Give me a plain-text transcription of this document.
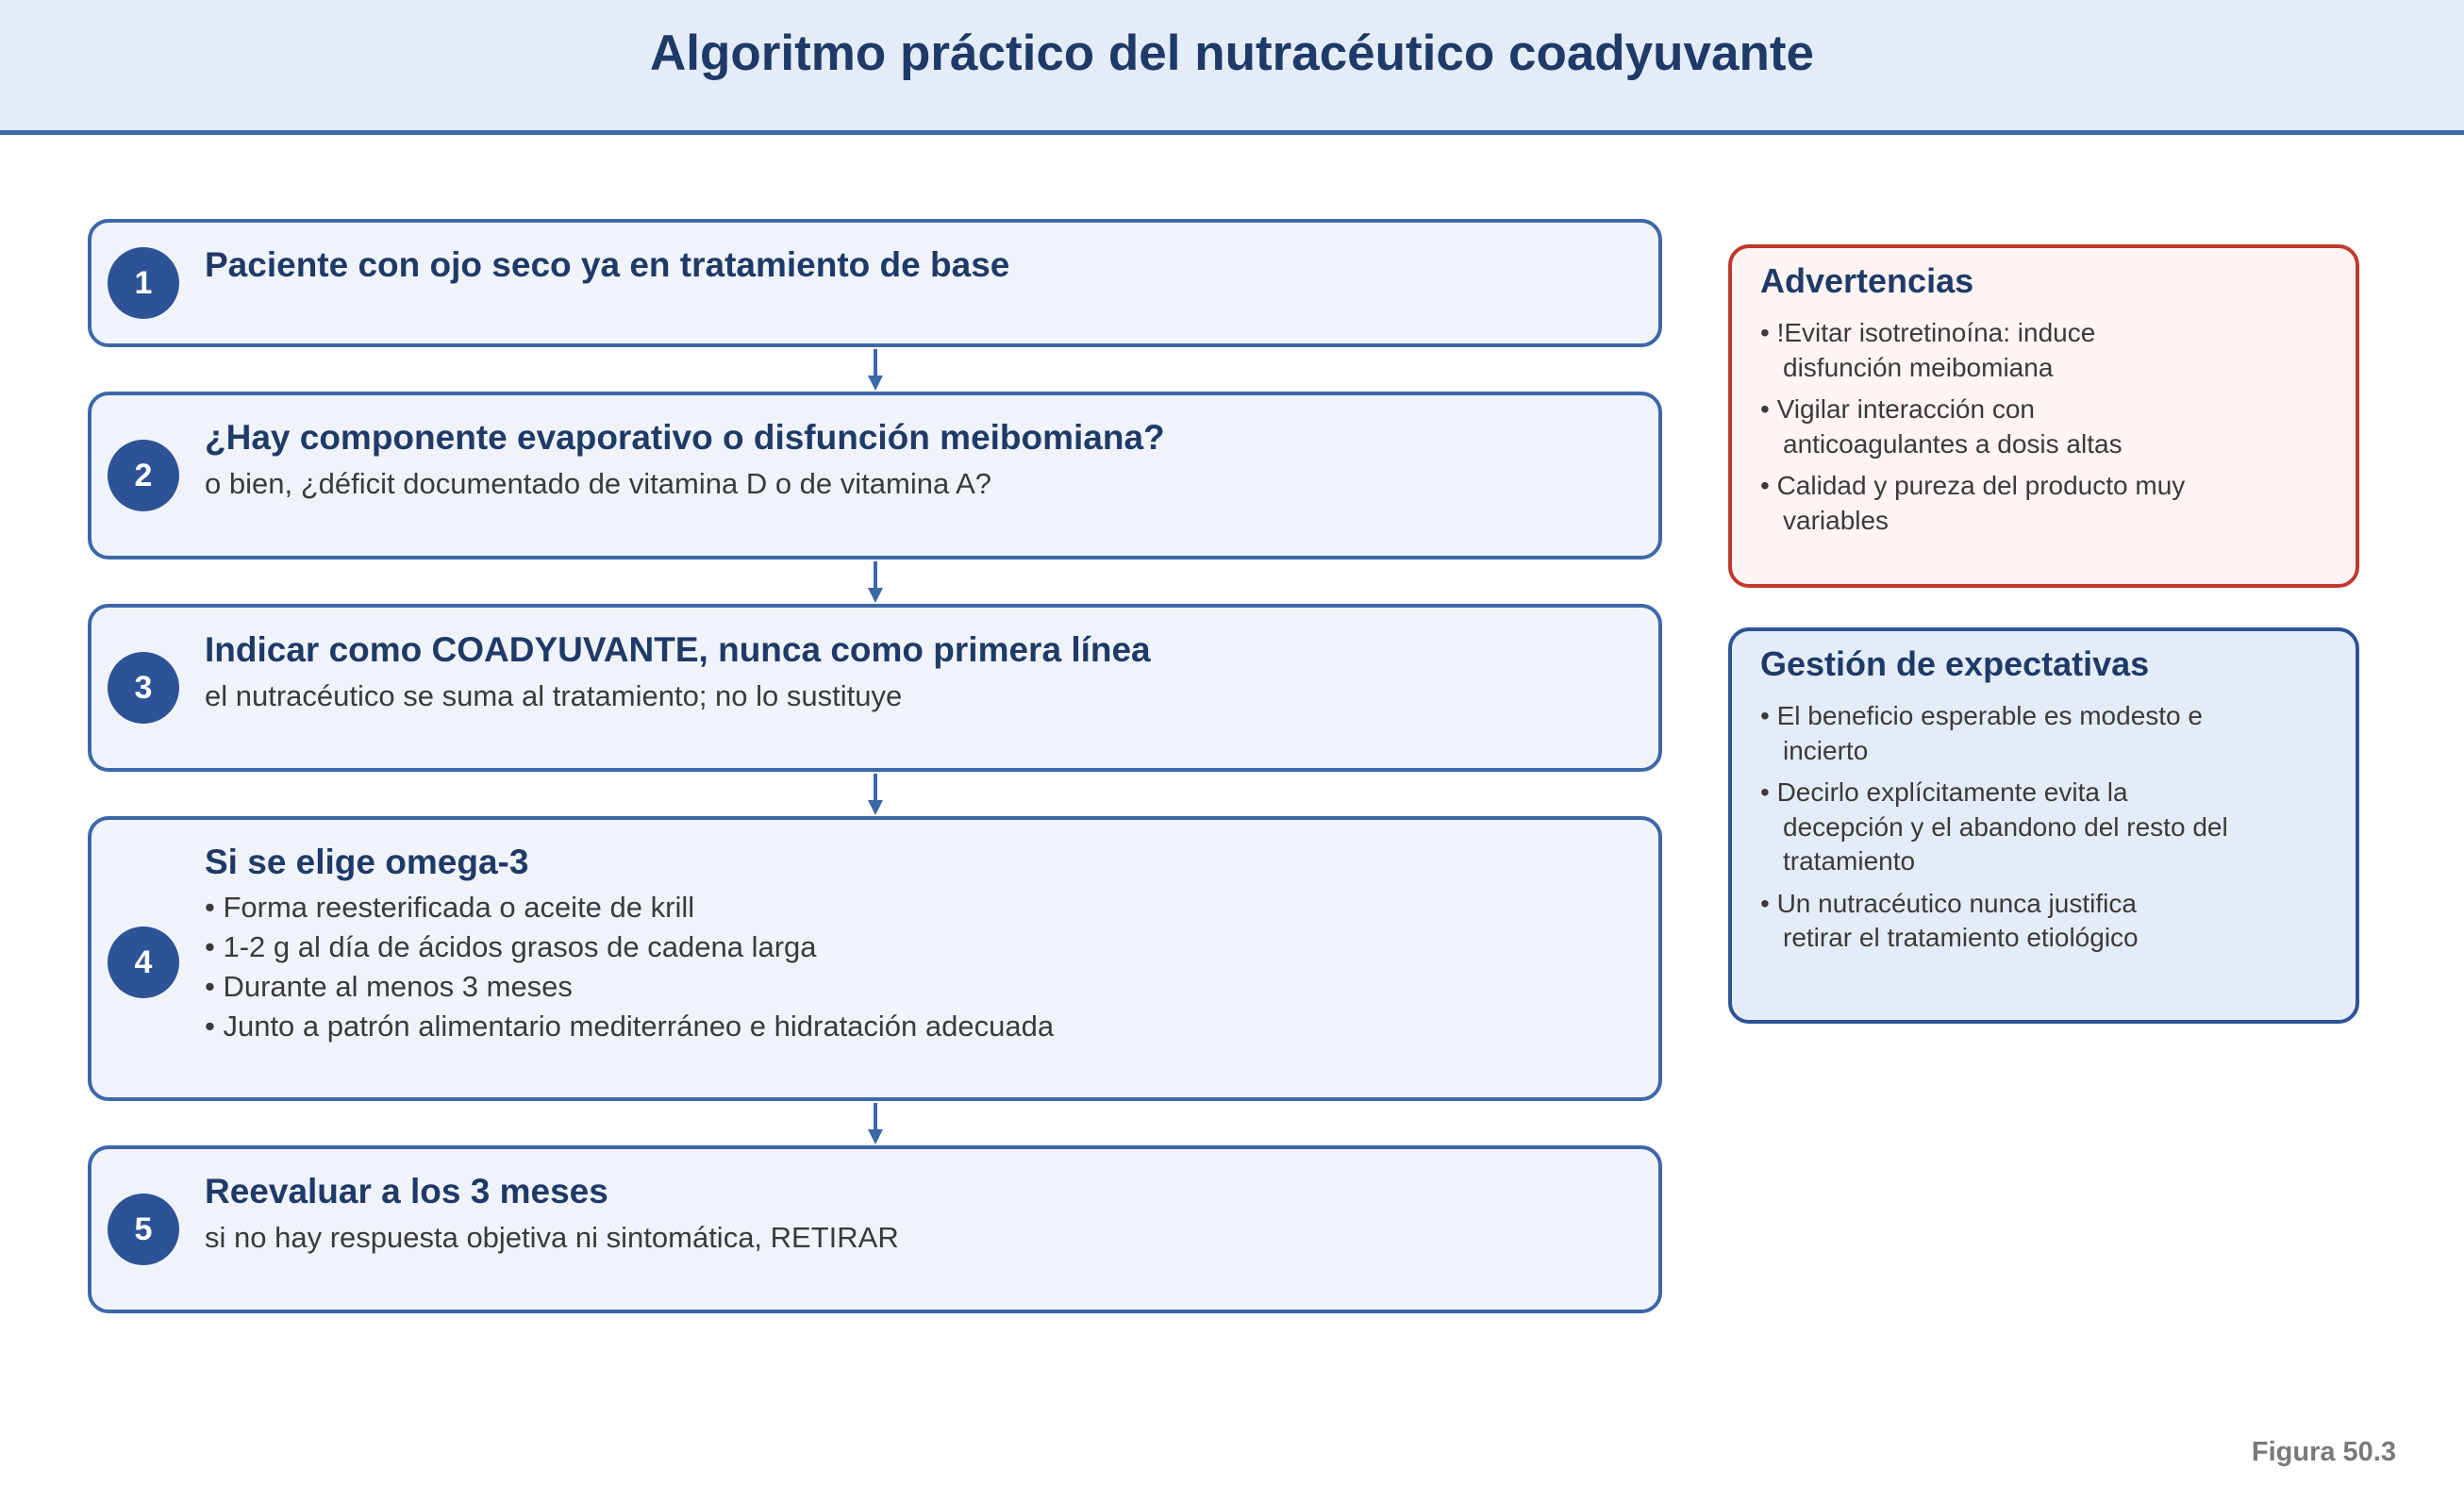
Algoritmo práctico del nutracéutico coadyuvante
1	Paciente con ojo seco ya en tratamiento de base
2
¿Hay componente evaporativo o disfunción meibomiana?
o bien, ¿déficit documentado de vitamina D o de vitamina A?
3
Indicar como COADYUVANTE, nunca como primera línea
el nutracéutico se suma al tratamiento; no lo sustituye
4
Si se elige omega-3
• Forma reesterificada o aceite de krill
• 1-2 g al día de ácidos grasos de cadena larga
• Durante al menos 3 meses
• Junto a patrón alimentario mediterráneo e hidratación adecuada
5
Reevaluar a los 3 meses
si no hay respuesta objetiva ni sintomática, RETIRAR
Advertencias
• !Evitar isotretinoína: induce
disfunción meibomiana
• Vigilar interacción con
anticoagulantes a dosis altas
• Calidad y pureza del producto muy
variables
Gestión de expectativas
• El beneficio esperable es modesto e
incierto
• Decirlo explícitamente evita la
decepción y el abandono del resto del
tratamiento
• Un nutracéutico nunca justifica
retirar el tratamiento etiológico
Figura 50.3
